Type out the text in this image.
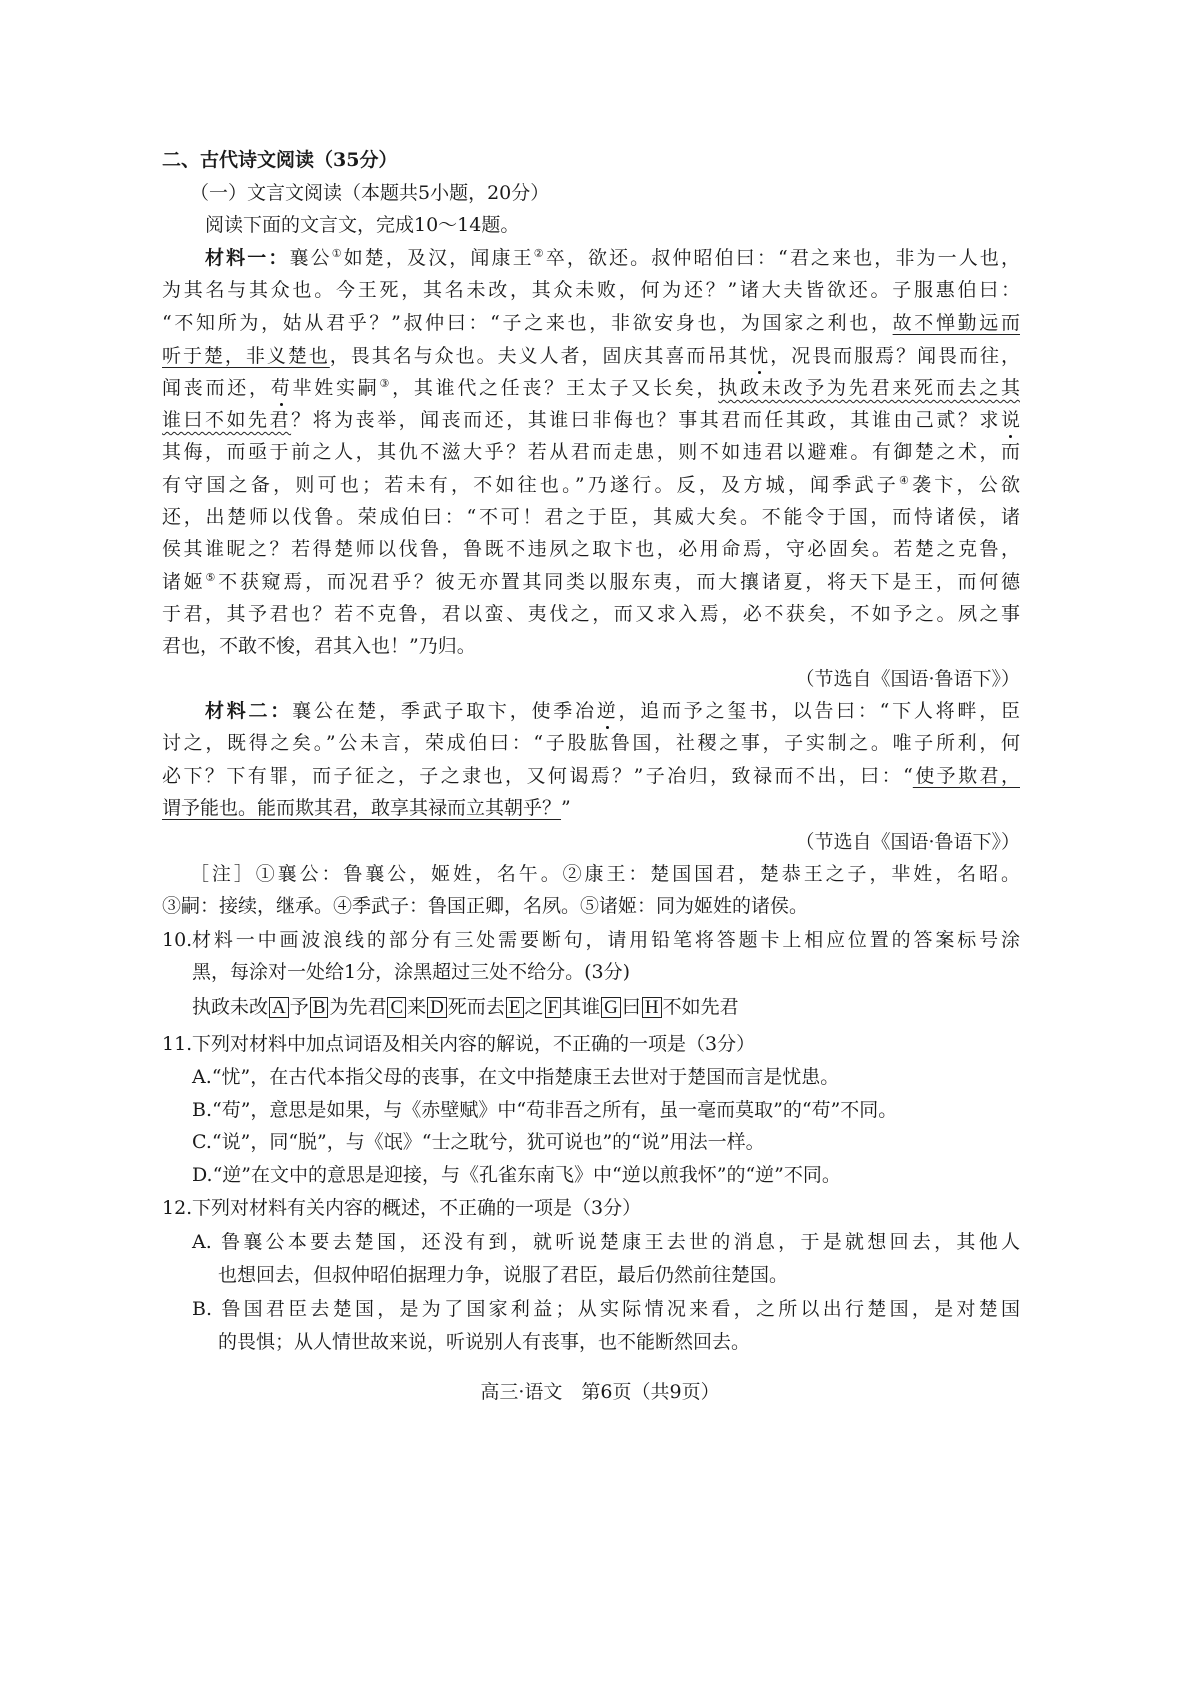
二、古代诗文阅读（35分）
（一）文言文阅读（本题共5小题，20分）
阅读下面的文言文，完成10～14题。
材料一：襄公①如楚，及汉，闻康王②卒，欲还。叔仲昭伯曰：“君之来也，非为一人也，
为其名与其众也。今王死，其名未改，其众未败，何为还？”诸大夫皆欲还。子服惠伯曰：
“不知所为，姑从君乎？”叔仲曰：“子之来也，非欲安身也，为国家之利也，故不惮勤远而
听于楚，非义楚也，畏其名与众也。夫义人者，固庆其喜而吊其忧，况畏而服焉？闻畏而往，
闻丧而还，苟芈姓实嗣③，其谁代之任丧？王太子又长矣，执政未改予为先君来死而去之其
谁曰不如先君？将为丧举，闻丧而还，其谁曰非侮也？事其君而任其政，其谁由己贰？求说
其侮，而亟于前之人，其仇不滋大乎？若从君而走患，则不如违君以避难。有御楚之术，而
有守国之备，则可也；若未有，不如往也。”乃遂行。反，及方城，闻季武子④袭卞，公欲
还，出楚师以伐鲁。荣成伯曰：“不可！君之于臣，其威大矣。不能令于国，而恃诸侯，诸
侯其谁昵之？若得楚师以伐鲁，鲁既不违夙之取卞也，必用命焉，守必固矣。若楚之克鲁，
诸姬⑤不获窥焉，而况君乎？彼无亦置其同类以服东夷，而大攘诸夏，将天下是王，而何德
于君，其予君也？若不克鲁，君以蛮、夷伐之，而又求入焉，必不获矣，不如予之。夙之事
君也，不敢不悛，君其入也！”乃归。
（节选自《国语·鲁语下》）
材料二：襄公在楚，季武子取卞，使季冶逆，追而予之玺书，以告曰：“下人将畔，臣
讨之，既得之矣。”公未言，荣成伯曰：“子股肱鲁国，社稷之事，子实制之。唯子所利，何
必下？下有罪，而子征之，子之隶也，又何谒焉？”子冶归，致禄而不出，曰：“使予欺君，
谓予能也。能而欺其君，敢享其禄而立其朝乎？”
（节选自《国语·鲁语下》）
［注］①襄公：鲁襄公，姬姓，名午。②康王：楚国国君，楚恭王之子，芈姓，名昭。
③嗣：接续，继承。④季武子：鲁国正卿，名夙。⑤诸姬：同为姬姓的诸侯。
10. 材料一中画波浪线的部分有三处需要断句，请用铅笔将答题卡上相应位置的答案标号涂
黑，每涂对一处给1分，涂黑超过三处不给分。(3分)
执政未改 A 予 B 为先君 C 来 D 死而去 E 之 F 其谁 G 曰 H 不如先君
11. 下列对材料中加点词语及相关内容的解说，不正确的一项是（3分）
A.“忧”，在古代本指父母的丧事，在文中指楚康王去世对于楚国而言是忧患。
B.“苟”，意思是如果，与《赤壁赋》中“苟非吾之所有，虽一毫而莫取”的“苟”不同。
C.“说”，同“脱”，与《氓》“士之耽兮，犹可说也”的“说”用法一样。
D.“逆”在文中的意思是迎接，与《孔雀东南飞》中“逆以煎我怀”的“逆”不同。
12. 下列对材料有关内容的概述，不正确的一项是（3分）
A. 鲁襄公本要去楚国，还没有到，就听说楚康王去世的消息，于是就想回去，其他人
也想回去，但叔仲昭伯据理力争，说服了君臣，最后仍然前往楚国。
B. 鲁国君臣去楚国，是为了国家利益；从实际情况来看，之所以出行楚国，是对楚国
的畏惧；从人情世故来说，听说别人有丧事，也不能断然回去。
高三·语文　第6页（共9页）
